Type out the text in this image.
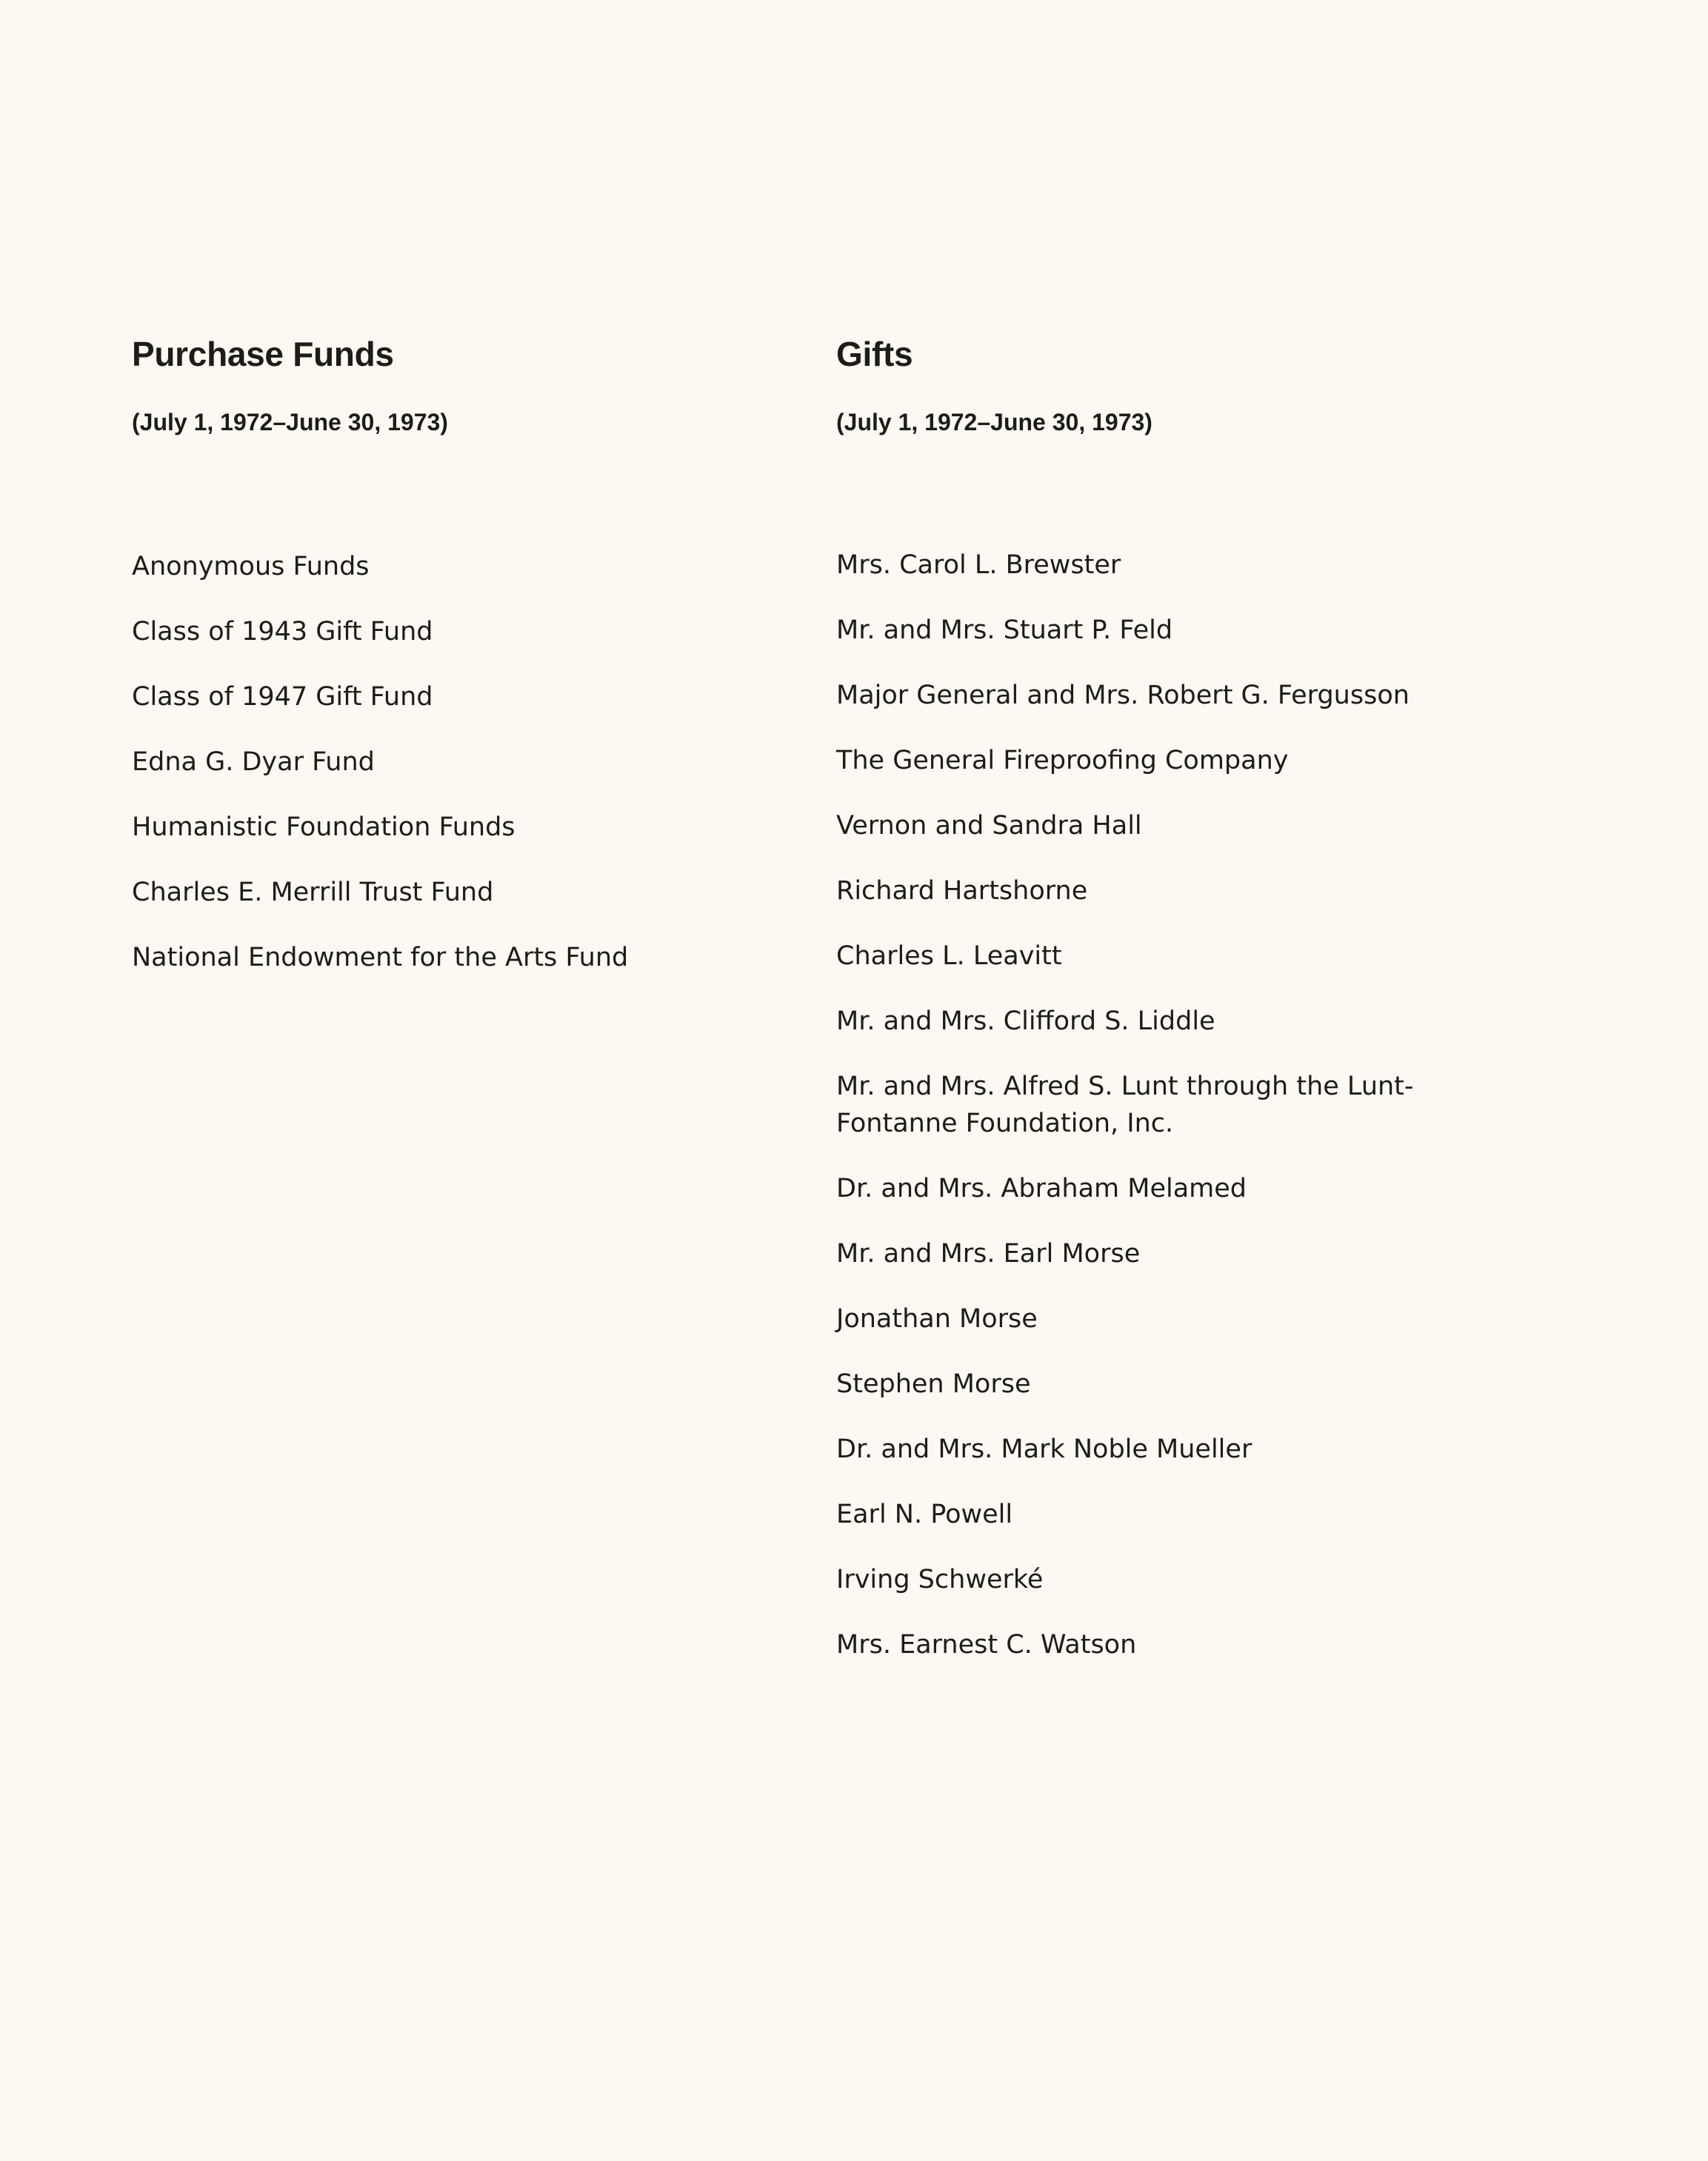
Purchase Funds
(July 1, 1972–June 30, 1973)
Anonymous Funds
Class of 1943 Gift Fund
Class of 1947 Gift Fund
Edna G. Dyar Fund
Humanistic Foundation Funds
Charles E. Merrill Trust Fund
National Endowment for the Arts Fund
Gifts
(July 1, 1972–June 30, 1973)
Mrs. Carol L. Brewster
Mr. and Mrs. Stuart P. Feld
Major General and Mrs. Robert G. Fergusson
The General Fireproofing Company
Vernon and Sandra Hall
Richard Hartshorne
Charles L. Leavitt
Mr. and Mrs. Clifford S. Liddle
Mr. and Mrs. Alfred S. Lunt through the Lunt-Fontanne Foundation, Inc.
Dr. and Mrs. Abraham Melamed
Mr. and Mrs. Earl Morse
Jonathan Morse
Stephen Morse
Dr. and Mrs. Mark Noble Mueller
Earl N. Powell
Irving Schwerké
Mrs. Earnest C. Watson
